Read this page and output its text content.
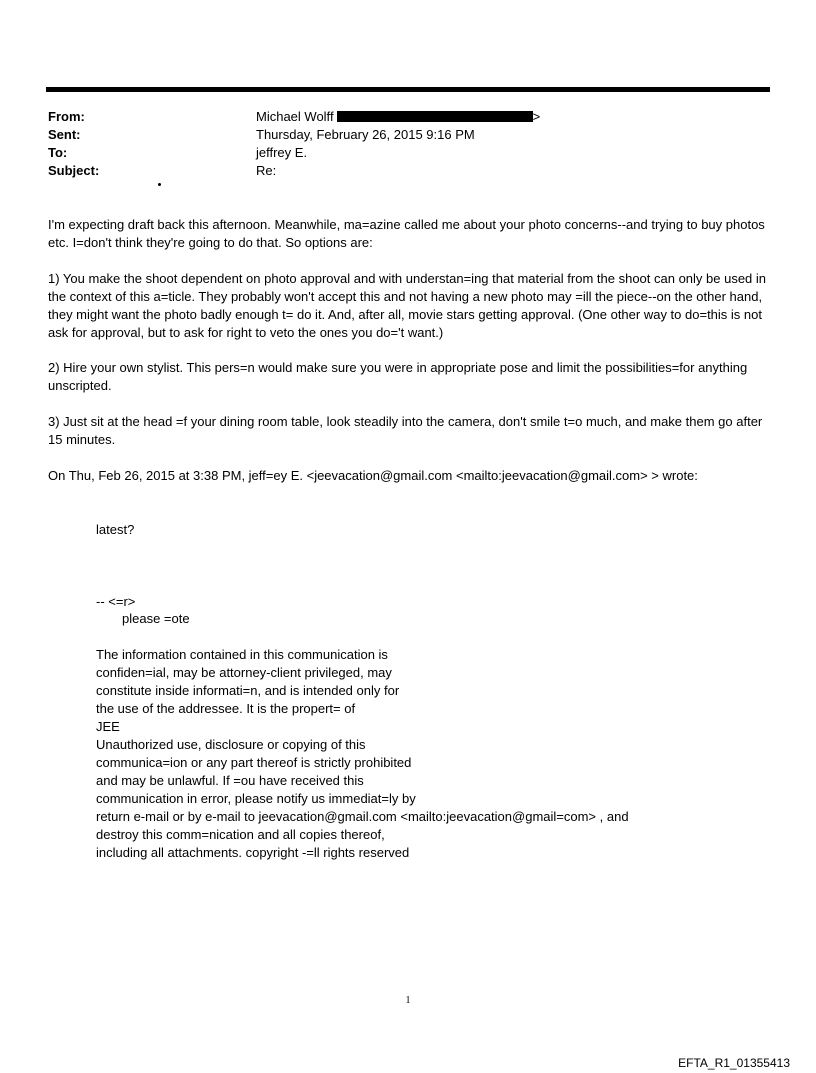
From:	Michael Wolff	>
Sent:	Thursday, February 26, 2015 9:16 PM
To:	jeffrey E.
Subject:	Re:

I'm expecting draft back this afternoon. Meanwhile, ma=azine called me about your photo concerns--and trying to buy photos etc. I=don't think they're going to do that. So options are:

1) You make the shoot dependent on photo approval and with understan=ing that material from the shoot can only be used in the context of this a=ticle. They probably won't accept this and not having a new photo may =ill the piece--on the other hand, they might want the photo badly enough t= do it. And, after all, movie stars getting approval. (One other way to do=this is not ask for approval, but to ask for right to veto the ones you do='t want.)

2) Hire your own stylist. This pers=n would make sure you were in appropriate pose and limit the possibilities=for anything unscripted.

3) Just sit at the head =f your dining room table, look steadily into the camera, don't smile t=o much, and make them go after 15 minutes.

On Thu, Feb 26, 2015 at 3:38 PM, jeff=ey E. <jeevacation@gmail.com <mailto:jeevacation@gmail.com> > wrote:

latest?
-- <=r>
please =ote
The information contained in this communication is
confiden=ial, may be attorney-client privileged, may
constitute inside informati=n, and is intended only for
the use of the addressee. It is the propert= of
JEE
Unauthorized use, disclosure or copying of this
communica=ion or any part thereof is strictly prohibited
and may be unlawful. If =ou have received this
communication in error, please notify us immediat=ly by
return e-mail or by e-mail to jeevacation@gmail.com <mailto:jeevacation@gmail=com> , and
destroy this comm=nication and all copies thereof,
including all attachments. copyright -=ll rights reserved
1
EFTA_R1_01355413
